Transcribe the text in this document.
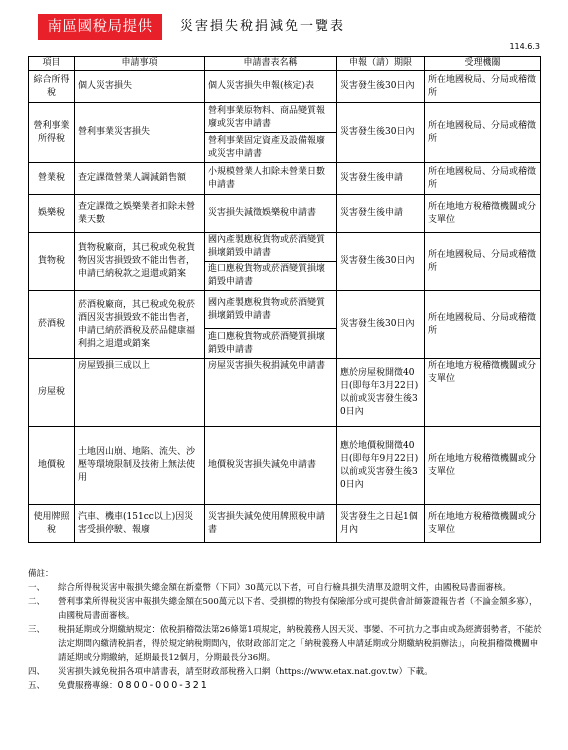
南區國稅局提供	災害損失稅捐減免一覽表
114.6.3
項目	申請事項	申請書表名稱	申報（請）期限	受理機關
綜合所得稅	個人災害損失	個人災害損失申報(核定)表	災害發生後30日內	所在地國稅局、分局或稽徵所
營利事業所得稅	營利事業災害損失	營利事業原物料、商品變質報廢或災害申請書	災害發生後30日內	所在地國稅局、分局或稽徵所
		營利事業固定資產及設備報廢或災害申請書		
營業稅	查定課徵營業人調減銷售額	小規模營業人扣除未營業日數申請書	災害發生後申請	所在地國稅局、分局或稽徵所
娛樂稅	查定課徵之娛樂業者扣除未營業天數	災害損失減徵娛樂稅申請書	災害發生後申請	所在地地方稅稽徵機關或分支單位
貨物稅	貨物稅廠商，其已稅或免稅貨物因災害損毀致不能出售者，申請已納稅款之退還或銷案	國內產製應稅貨物或菸酒變質損壞銷毀申請書	災害發生後30日內	所在地國稅局、分局或稽徵所
		進口應稅貨物或菸酒變質損壞銷毀申請書		
菸酒稅	菸酒稅廠商，其已稅或免稅菸酒因災害損毀致不能出售者，申請已納菸酒稅及菸品健康福利捐之退還或銷案	國內產製應稅貨物或菸酒變質損壞銷毀申請書	災害發生後30日內	所在地國稅局、分局或稽徵所
		進口應稅貨物或菸酒變質損壞銷毀申請書		
房屋稅	房屋毀損三成以上	房屋災害損失稅捐減免申請書	應於房屋稅開徵40日(即每年3月22日)以前或災害發生後30日內	所在地地方稅稽徵機關或分支單位
地價稅	土地因山崩、地陷、流失、沙壓等環境限制及技術上無法使用	地價稅災害損失減免申請書	應於地價稅開徵40日(即每年9月22日)以前或災害發生後30日內	所在地地方稅稽徵機關或分支單位
使用牌照稅	汽車、機車(151cc以上)因災害受損停駛、報廢	災害損失減免使用牌照稅申請書	災害發生之日起1個月內	所在地地方稅稽徵機關或分支單位
備註：
一、	綜合所得稅災害申報損失總金額在新臺幣（下同）30萬元以下者，可自行檢具損失清單及證明文件，由國稅局書面審核。
二、	營利事業所得稅災害申報損失總金額在500萬元以下者、受損標的物投有保險部分或可提供會計師簽證報告者（不論金額多寡），由國稅局書面審核。
三、	稅捐延期或分期繳納規定：依稅捐稽徵法第26條第1項規定，納稅義務人因天災、事變、不可抗力之事由或為經濟弱勢者，不能於法定期間內繳清稅捐者，得於規定納稅期間內，依財政部訂定之「納稅義務人申請延期或分期繳納稅捐辦法」，向稅捐稽徵機關申請延期或分期繳納，延期最長12個月，分期最長分36期。
四、	災害損失減免稅捐各項申請書表，請至財政部稅務入口網（https://www.etax.nat.gov.tw）下載。
五、	免費服務專線：0800-000-321
